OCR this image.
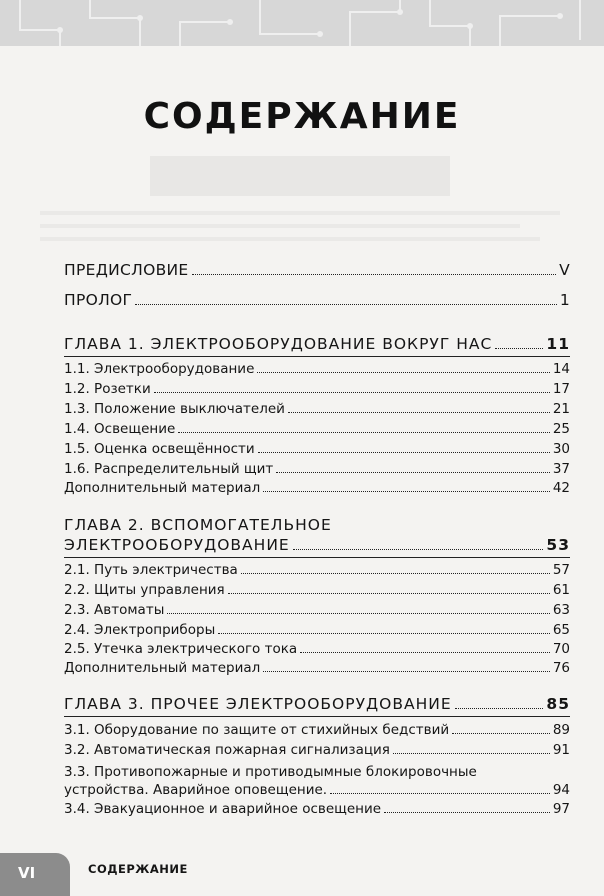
СОДЕРЖАНИЕ
ПРЕДИСЛОВИЕ	V
ПРОЛОГ	1
ГЛАВА 1. ЭЛЕКТРООБОРУДОВАНИЕ ВОКРУГ НАС	11
1.1. Электрооборудование	14
1.2. Розетки	17
1.3. Положение выключателей	21
1.4. Освещение	25
1.5. Оценка освещённости	30
1.6. Распределительный щит	37
Дополнительный материал	42
ГЛАВА 2. ВСПОМОГАТЕЛЬНОЕ
ЭЛЕКТРООБОРУДОВАНИЕ	53
2.1. Путь электричества	57
2.2. Щиты управления	61
2.3. Автоматы	63
2.4. Электроприборы	65
2.5. Утечка электрического тока	70
Дополнительный материал	76
ГЛАВА 3. ПРОЧЕЕ ЭЛЕКТРООБОРУДОВАНИЕ	85
3.1. Оборудование по защите от стихийных бедствий	89
3.2. Автоматическая пожарная сигнализация	91
3.3. Противопожарные и противодымные блокировочные
устройства. Аварийное оповещение.	94
3.4. Эвакуационное и аварийное освещение	97
VI	СОДЕРЖАНИЕ
